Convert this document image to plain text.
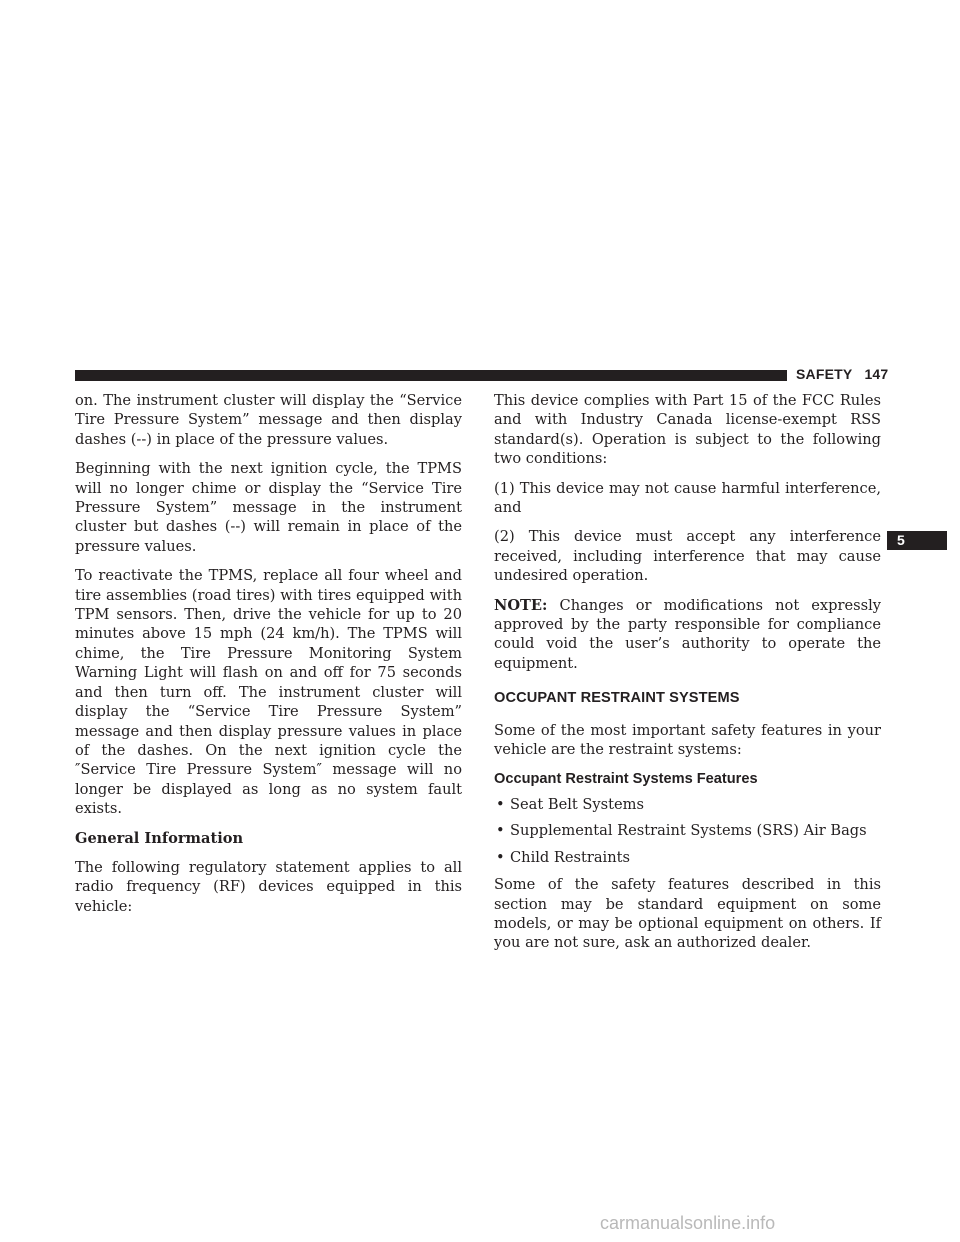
SAFETY 147

on. The instrument cluster will display the “Service Tire Pressure System” message and then display dashes (--) in place of the pressure values.

Beginning with the next ignition cycle, the TPMS will no longer chime or display the “Service Tire Pressure System” message in the instrument cluster but dashes (--) will remain in place of the pressure values.

To reactivate the TPMS, replace all four wheel and tire assemblies (road tires) with tires equipped with TPM sensors. Then, drive the vehicle for up to 20 minutes above 15 mph (24 km/h). The TPMS will chime, the Tire Pressure Monitoring System Warning Light will flash on and off for 75 seconds and then turn off. The instrument cluster will display the “Service Tire Pressure System” message and then display pressure values in place of the dashes. On the next ignition cycle the ″Service Tire Pressure System″ message will no longer be displayed as long as no system fault exists.

General Information

The following regulatory statement applies to all radio frequency (RF) devices equipped in this vehicle:

This device complies with Part 15 of the FCC Rules and with Industry Canada license-exempt RSS standard(s). Operation is subject to the following two conditions:

(1) This device may not cause harmful interference, and

(2) This device must accept any interference received, including interference that may cause undesired operation.

NOTE: Changes or modifications not expressly approved by the party responsible for compliance could void the user’s authority to operate the equipment.

OCCUPANT RESTRAINT SYSTEMS

Some of the most important safety features in your vehicle are the restraint systems:

Occupant Restraint Systems Features
• Seat Belt Systems
• Supplemental Restraint Systems (SRS) Air Bags
• Child Restraints

Some of the safety features described in this section may be standard equipment on some models, or may be optional equipment on others. If you are not sure, ask an authorized dealer.

5
carmanualsonline.info
